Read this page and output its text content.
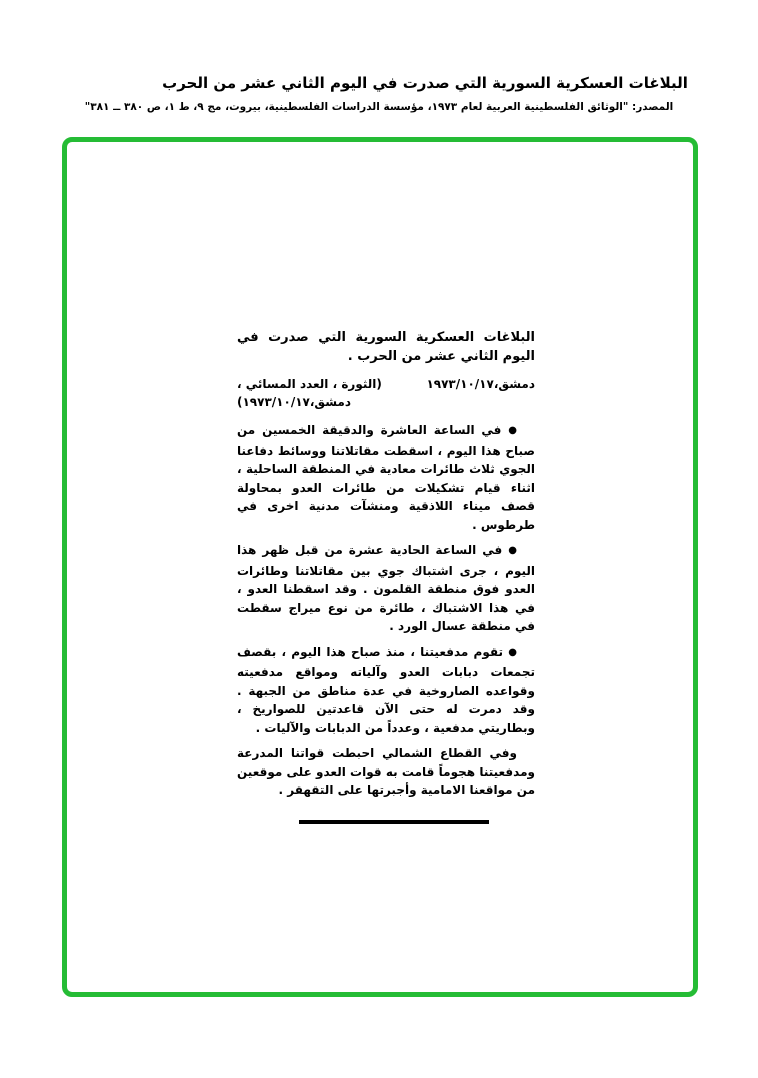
البلاغات العسكرية السورية التي صدرت في اليوم الثاني عشر من الحرب
المصدر: "الوثائق الفلسطينية العربية لعام ١٩٧٣، مؤسسة الدراسات الفلسطينية، بيروت، مج ٩، ط ١، ص ٣٨٠ ــ ٣٨١"
البلاغات العسكرية السورية التي صدرت في اليوم الثاني عشر من الحرب .
دمشق،١٩٧٣/١٠/١٧
(الثورة ، العدد المسائي ،
دمشق،١٩٧٣/١٠/١٧)

● في الساعة العاشرة والدقيقة الخمسين من صباح هذا اليوم ، اسقطت مقاتلاتنا ووسائط دفاعنا الجوي ثلاث طائرات معادية في المنطقة الساحلية ، اثناء قيام تشكيلات من طائرات العدو بمحاولة قصف ميناء اللاذقية ومنشآت مدنية اخرى في طرطوس .

● في الساعة الحادية عشرة من قبل ظهر هذا اليوم ، جرى اشتباك جوي بين مقاتلاتنا وطائرات العدو فوق منطقة القلمون . وقد اسقطنا العدو ، في هذا الاشتباك ، طائرة من نوع ميراج سقطت في منطقة عسال الورد .

● تقوم مدفعيتنا ، منذ صباح هذا اليوم ، بقصف تجمعات دبابات العدو وآلياته ومواقع مدفعيته وقواعده الصاروخية في عدة مناطق من الجبهة . وقد دمرت له حتى الآن قاعدتين للصواريخ ، وبطاريتي مدفعية ، وعدداً من الدبابات والآليات .

وفي القطاع الشمالي احبطت قواتنا المدرعة ومدفعيتنا هجوماً قامت به قوات العدو على موقعين من مواقعنا الامامية وأجبرتها على التقهقر .
